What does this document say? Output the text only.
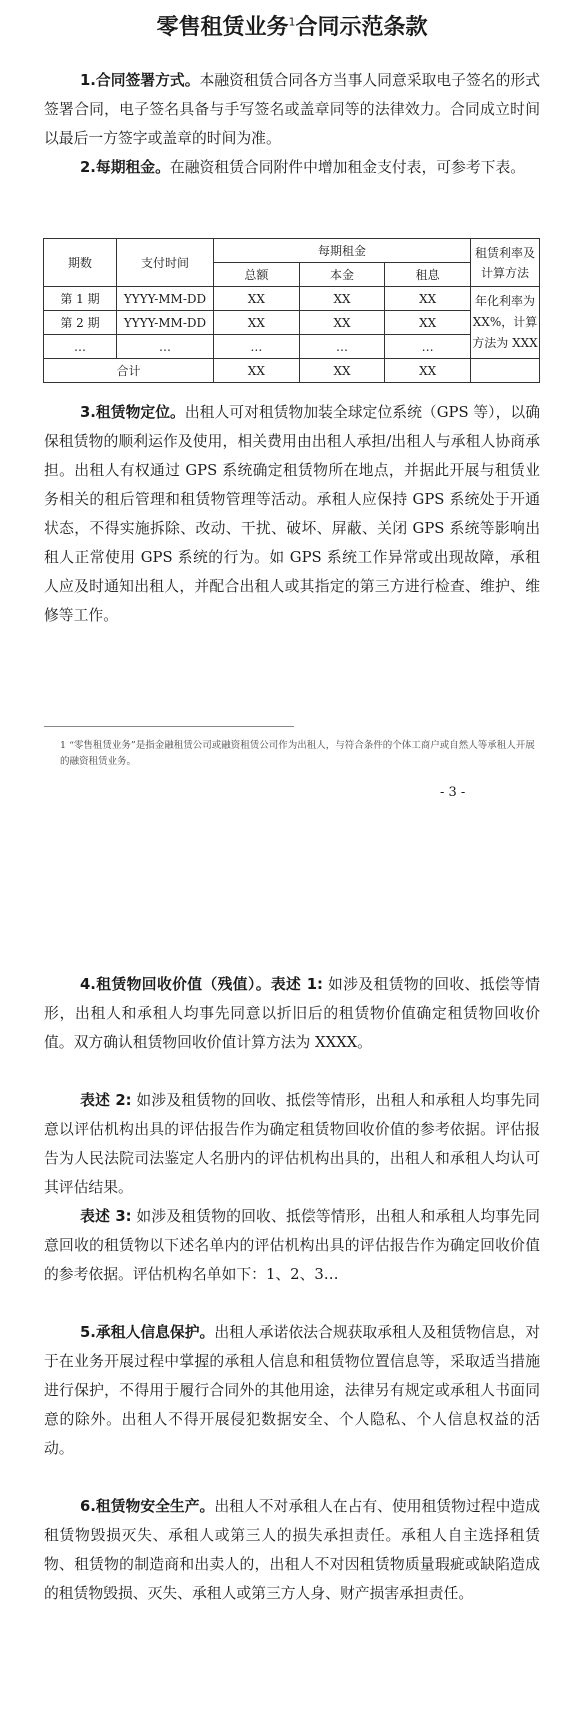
零售租赁业务$^1$合同示范条款

1.合同签署方式。本融资租赁合同各方当事人同意采取电子签名的形式签署合同，电子签名具备与手写签名或盖章同等的法律效力。合同成立时间以最后一方签字或盖章的时间为准。

2.每期租金。在融资租赁合同附件中增加租金支付表，可参考下表。

期数	支付时间	每期租金			租赁利率及计算方法
		总额	本金	租息	
第 1 期	YYYY-MM-DD	XX	XX	XX	年化利率为 XX%，计算方法为 XXX
第 2 期	YYYY-MM-DD	XX	XX	XX	
…	…	…	…	…	
合计		XX	XX	XX	

3.租赁物定位。出租人可对租赁物加装全球定位系统（GPS 等），以确保租赁物的顺利运作及使用，相关费用由出租人承担/出租人与承租人协商承担。出租人有权通过 GPS 系统确定租赁物所在地点，并据此开展与租赁业务相关的租后管理和租赁物管理等活动。承租人应保持 GPS 系统处于开通状态，不得实施拆除、改动、干扰、破坏、屏蔽、关闭 GPS 系统等影响出租人正常使用 GPS 系统的行为。如 GPS 系统工作异常或出现故障，承租人应及时通知出租人，并配合出租人或其指定的第三方进行检查、维护、维修等工作。

1 “零售租赁业务”是指金融租赁公司或融资租赁公司作为出租人，与符合条件的个体工商户或自然人等承租人开展的融资租赁业务。
- 3 -

4.租赁物回收价值（残值）。表述 1: 如涉及租赁物的回收、抵偿等情形，出租人和承租人均事先同意以折旧后的租赁物价值确定租赁物回收价值。双方确认租赁物回收价值计算方法为 XXXX。

表述 2: 如涉及租赁物的回收、抵偿等情形，出租人和承租人均事先同意以评估机构出具的评估报告作为确定租赁物回收价值的参考依据。评估报告为人民法院司法鉴定人名册内的评估机构出具的，出租人和承租人均认可其评估结果。

表述 3: 如涉及租赁物的回收、抵偿等情形，出租人和承租人均事先同意回收的租赁物以下述名单内的评估机构出具的评估报告作为确定回收价值的参考依据。评估机构名单如下：1、2、3…

5.承租人信息保护。出租人承诺依法合规获取承租人及租赁物信息，对于在业务开展过程中掌握的承租人信息和租赁物位置信息等，采取适当措施进行保护，不得用于履行合同外的其他用途，法律另有规定或承租人书面同意的除外。出租人不得开展侵犯数据安全、个人隐私、个人信息权益的活动。

6.租赁物安全生产。出租人不对承租人在占有、使用租赁物过程中造成租赁物毁损灭失、承租人或第三人的损失承担责任。承租人自主选择租赁物、租赁物的制造商和出卖人的，出租人不对因租赁物质量瑕疵或缺陷造成的租赁物毁损、灭失、承租人或第三方人身、财产损害承担责任。
